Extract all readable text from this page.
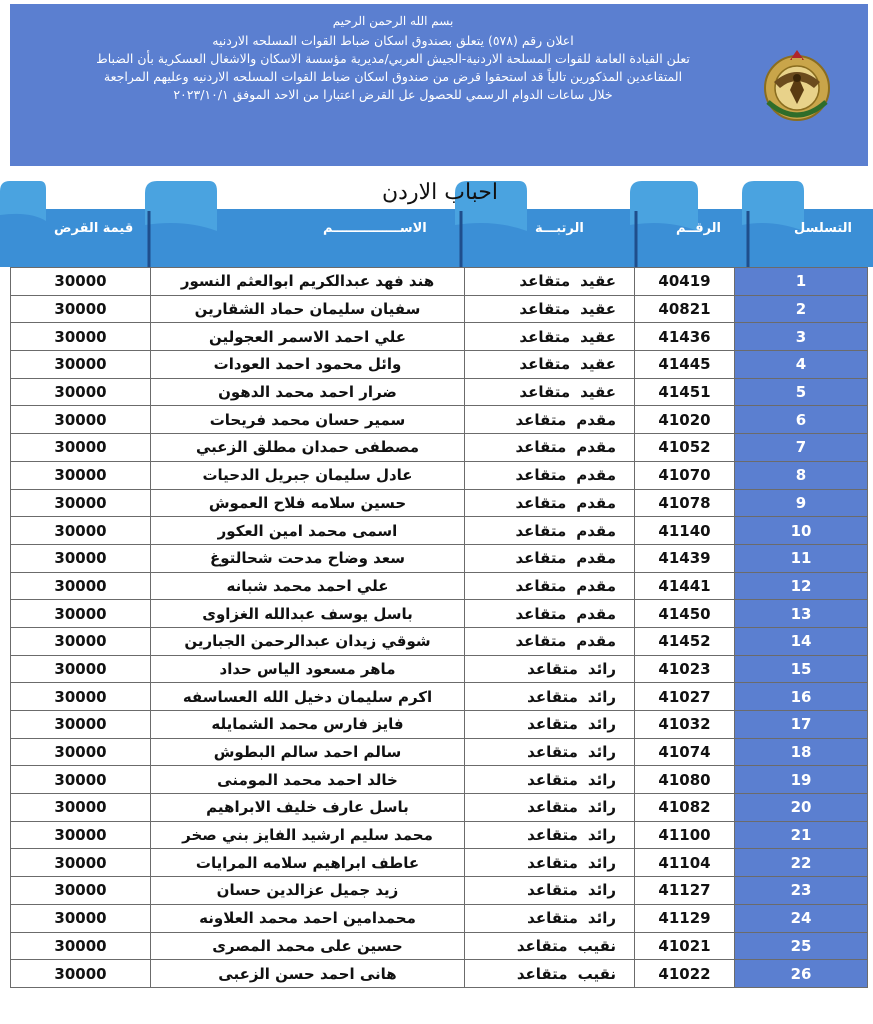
بسم الله الرحمن الرحيم
اعلان رقم (٥٧٨) يتعلق بصندوق اسكان ضباط القوات المسلحه الاردنيه
تعلن القيادة العامة للقوات المسلحة الاردنية-الجيش العربي/مديرية مؤسسة الاسكان والاشغال العسكرية بأن الضباط
المتقاعدين المذكورين تالياً قد استحقوا قرض من صندوق اسكان ضباط القوات المسلحه الاردنيه وعليهم المراجعة
خلال ساعات الدوام الرسمي للحصول عل القرض اعتبارا من الاحد الموفق ٢٠٢٣/١٠/١
قيمة القرض	الاســـــــــــــــم	الرتبـــة	الرقــم	التسلسل
احباب الاردن
30000	هند فهد عبدالكريم ابوالعثم النسور	عقيدمتقاعد	40419	1
30000	سفيان سليمان حماد الشقارين	عقيدمتقاعد	40821	2
30000	علي احمد الاسمر العجولين	عقيدمتقاعد	41436	3
30000	وائل محمود احمد العودات	عقيدمتقاعد	41445	4
30000	ضرار احمد محمد الدهون	عقيدمتقاعد	41451	5
30000	سمير حسان محمد فريحات	مقدممتقاعد	41020	6
30000	مصطفى حمدان مطلق الزعبي	مقدممتقاعد	41052	7
30000	عادل سليمان جبريل الدحيات	مقدممتقاعد	41070	8
30000	حسين سلامه فلاح العموش	مقدممتقاعد	41078	9
30000	اسمى محمد امين العكور	مقدممتقاعد	41140	10
30000	سعد وضاح مدحت شحالتوغ	مقدممتقاعد	41439	11
30000	علي احمد محمد شبانه	مقدممتقاعد	41441	12
30000	باسل يوسف عبدالله الغزاوى	مقدممتقاعد	41450	13
30000	شوقي زيدان عبدالرحمن الجبارين	مقدممتقاعد	41452	14
30000	ماهر مسعود الياس حداد	رائدمتقاعد	41023	15
30000	اكرم سليمان دخيل الله العساسفه	رائدمتقاعد	41027	16
30000	فايز فارس محمد الشمايله	رائدمتقاعد	41032	17
30000	سالم احمد سالم البطوش	رائدمتقاعد	41074	18
30000	خالد احمد محمد المومنى	رائدمتقاعد	41080	19
30000	باسل عارف خليف الابراهيم	رائدمتقاعد	41082	20
30000	محمد سليم ارشيد الفايز بني صخر	رائدمتقاعد	41100	21
30000	عاطف ابراهيم سلامه المرايات	رائدمتقاعد	41104	22
30000	زيد جميل عزالدين حسان	رائدمتقاعد	41127	23
30000	محمدامين احمد محمد العلاونه	رائدمتقاعد	41129	24
30000	حسين على محمد المصرى	نقيبمتقاعد	41021	25
30000	هانى احمد حسن الزعبى	نقيبمتقاعد	41022	26
